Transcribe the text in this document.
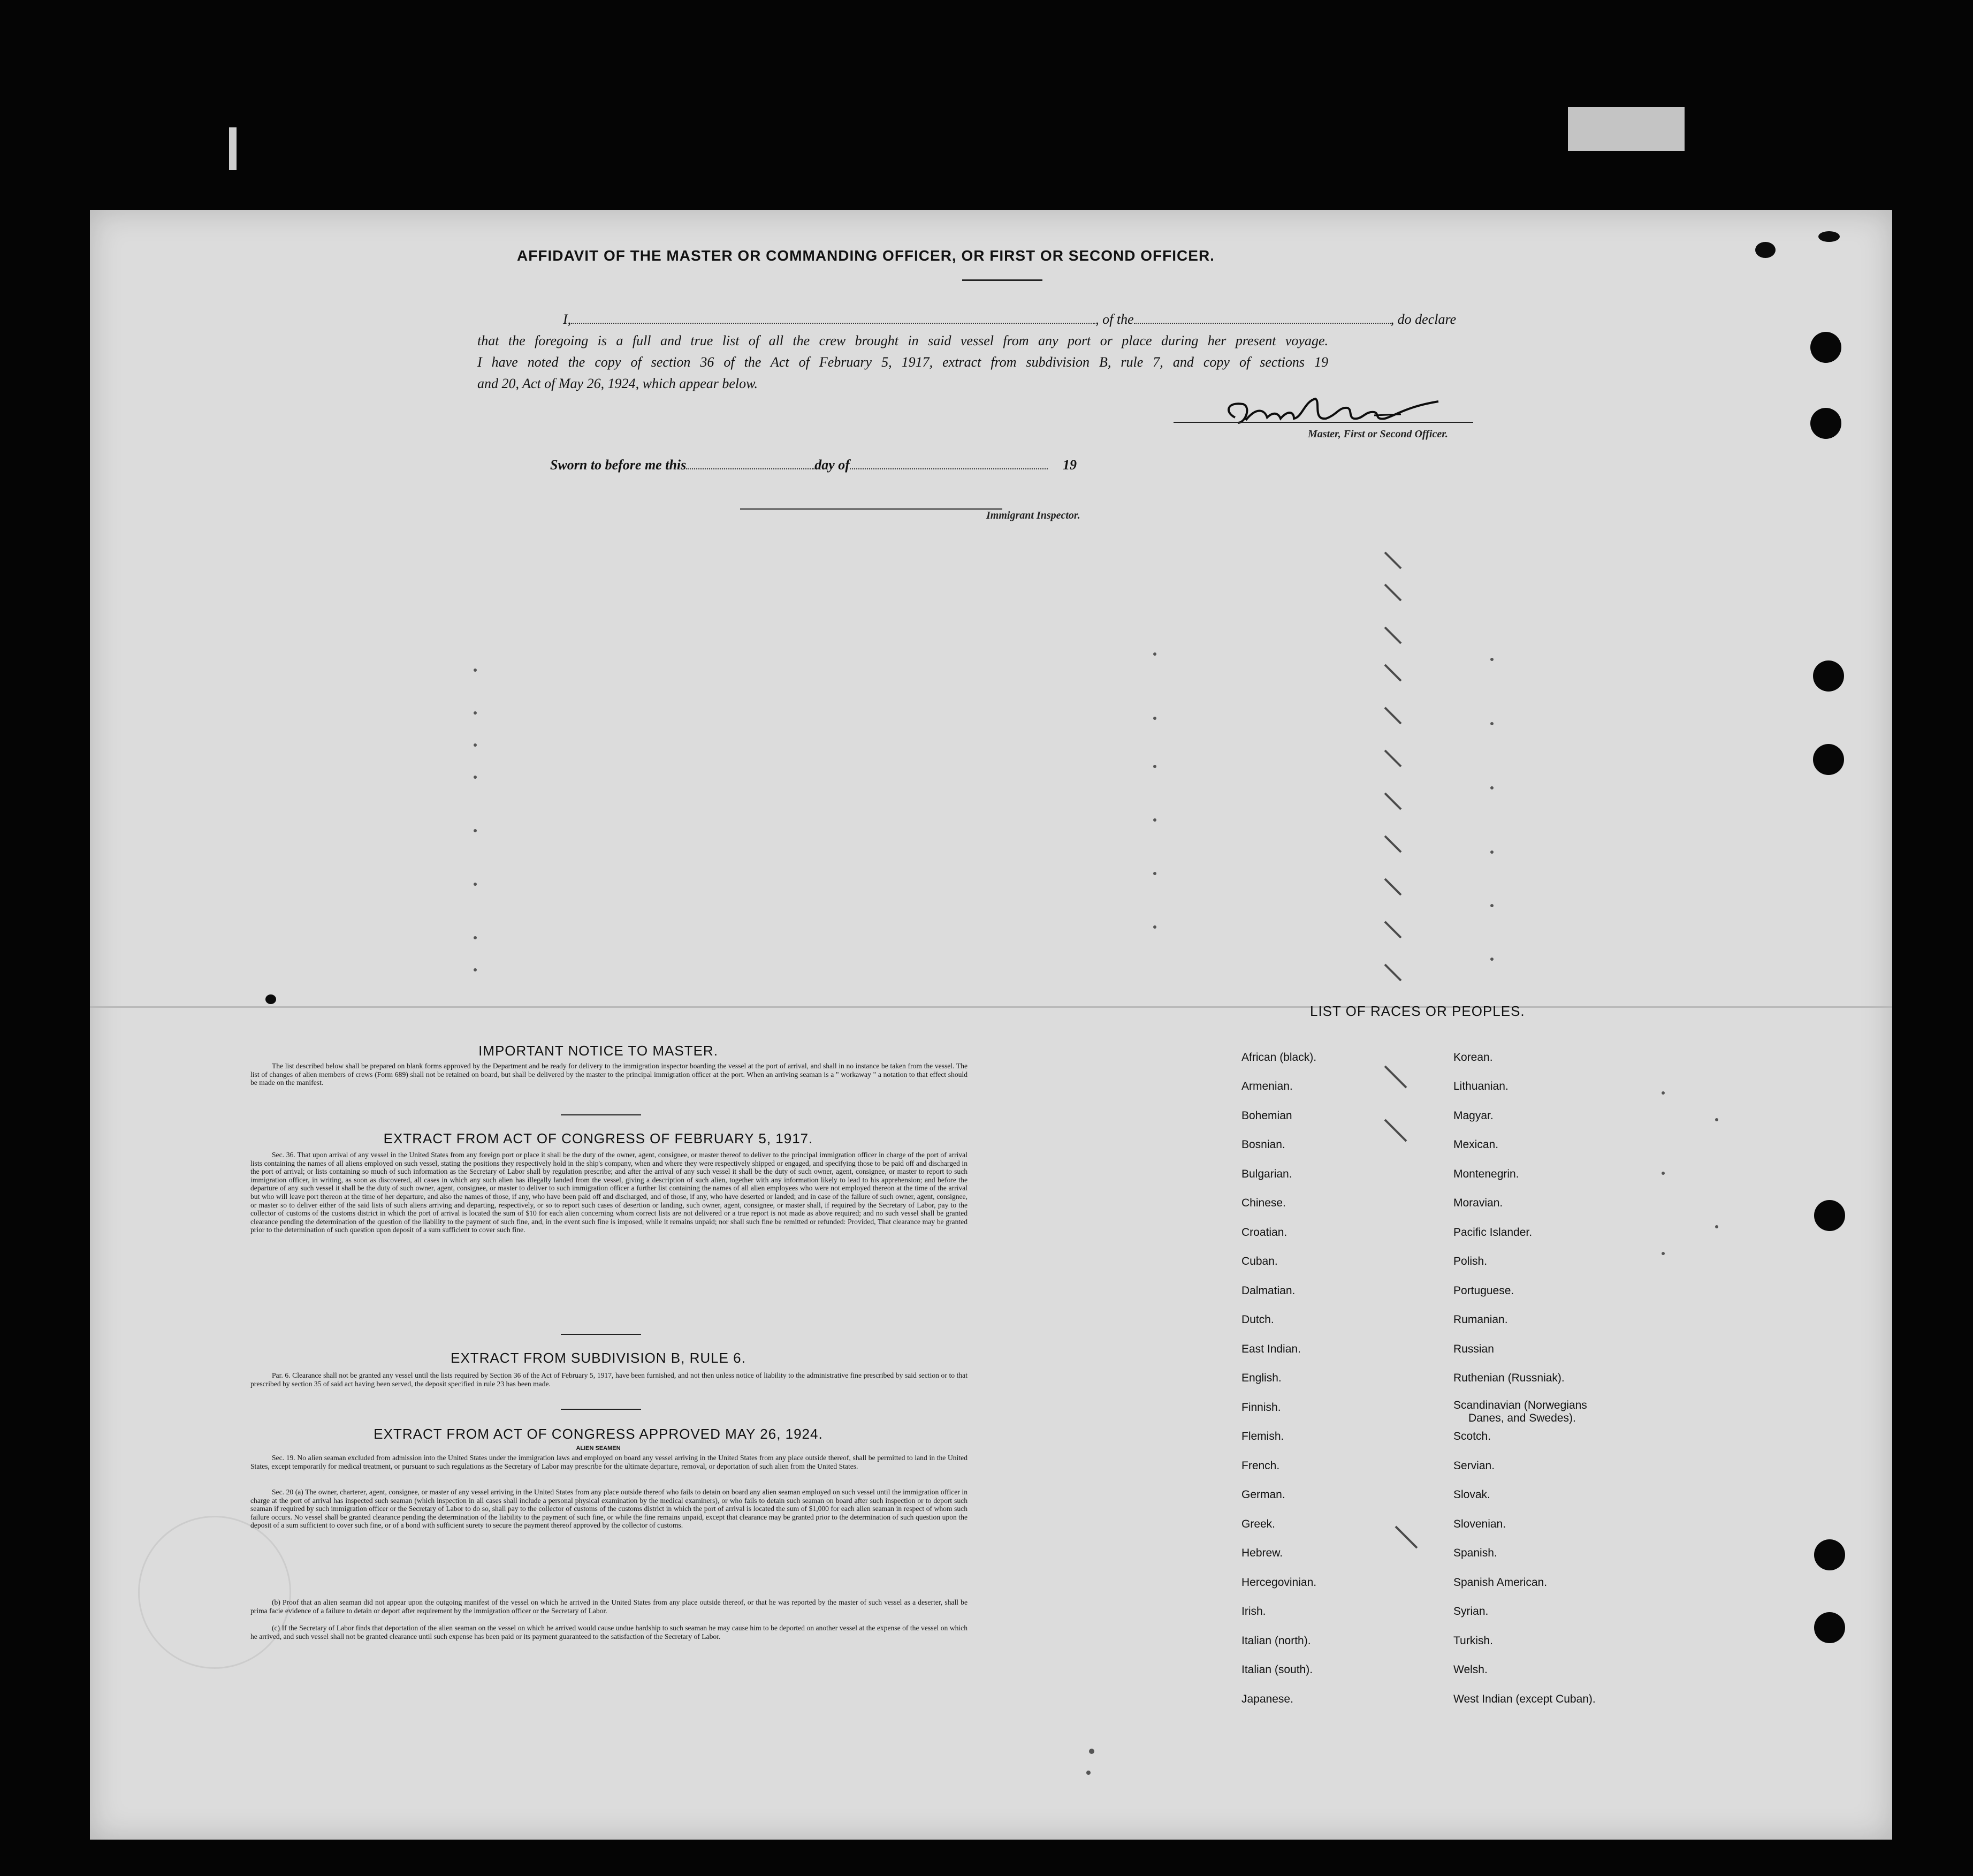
AFFIDAVIT OF THE MASTER OR COMMANDING OFFICER, OR FIRST OR SECOND OFFICER.
I,	, of the	, do declare
that the foregoing is a full and true list of all the crew brought in said vessel from any port or place during her present voyage.
I have noted the copy of section 36 of the Act of February 5, 1917, extract from subdivision B, rule 7, and copy of sections 19
and 20, Act of May 26, 1924, which appear below.
Master, First or Second Officer.
Sworn to before me this	day of	19
Immigrant Inspector.
IMPORTANT NOTICE TO MASTER.

The list described below shall be prepared on blank forms approved by the Department and be ready for delivery to the immigration inspector boarding the vessel at the port of arrival, and shall in no instance be taken from the vessel. The list of changes of alien members of crews (Form 689) shall not be retained on board, but shall be delivered by the master to the principal immigration officer at the port. When an arriving seaman is a " workaway " a notation to that effect should be made on the manifest.

EXTRACT FROM ACT OF CONGRESS OF FEBRUARY 5, 1917.

Sec. 36. That upon arrival of any vessel in the United States from any foreign port or place it shall be the duty of the owner, agent, consignee, or master thereof to deliver to the principal immigration officer in charge of the port of arrival lists containing the names of all aliens employed on such vessel, stating the positions they respectively hold in the ship's company, when and where they were respectively shipped or engaged, and specifying those to be paid off and discharged in the port of arrival; or lists containing so much of such information as the Secretary of Labor shall by regulation prescribe; and after the arrival of any such vessel it shall be the duty of such owner, agent, consignee, or master to report to such immigration officer, in writing, as soon as discovered, all cases in which any such alien has illegally landed from the vessel, giving a description of such alien, together with any information likely to lead to his apprehension; and before the departure of any such vessel it shall be the duty of such owner, agent, consignee, or master to deliver to such immigration officer a further list containing the names of all alien employees who were not employed thereon at the time of the arrival but who will leave port thereon at the time of her departure, and also the names of those, if any, who have been paid off and discharged, and of those, if any, who have deserted or landed; and in case of the failure of such owner, agent, consignee, or master so to deliver either of the said lists of such aliens arriving and departing, respectively, or so to report such cases of desertion or landing, such owner, agent, consignee, or master shall, if required by the Secretary of Labor, pay to the collector of customs of the customs district in which the port of arrival is located the sum of $10 for each alien concerning whom correct lists are not delivered or a true report is not made as above required; and no such vessel shall be granted clearance pending the determination of the question of the liability to the payment of such fine, and, in the event such fine is imposed, while it remains unpaid; nor shall such fine be remitted or refunded: Provided, That clearance may be granted prior to the determination of such question upon deposit of a sum sufficient to cover such fine.

EXTRACT FROM SUBDIVISION B, RULE 6.

Par. 6. Clearance shall not be granted any vessel until the lists required by Section 36 of the Act of February 5, 1917, have been furnished, and not then unless notice of liability to the administrative fine prescribed by said section or to that prescribed by section 35 of said act having been served, the deposit specified in rule 23 has been made.

EXTRACT FROM ACT OF CONGRESS APPROVED MAY 26, 1924.
ALIEN SEAMEN

Sec. 19. No alien seaman excluded from admission into the United States under the immigration laws and employed on board any vessel arriving in the United States from any place outside thereof, shall be permitted to land in the United States, except temporarily for medical treatment, or pursuant to such regulations as the Secretary of Labor may prescribe for the ultimate departure, removal, or deportation of such alien from the United States.

Sec. 20 (a) The owner, charterer, agent, consignee, or master of any vessel arriving in the United States from any place outside thereof who fails to detain on board any alien seaman employed on such vessel until the immigration officer in charge at the port of arrival has inspected such seaman (which inspection in all cases shall include a personal physical examination by the medical examiners), or who fails to detain such seaman on board after such inspection or to deport such seaman if required by such immigration officer or the Secretary of Labor to do so, shall pay to the collector of customs of the customs district in which the port of arrival is located the sum of $1,000 for each alien seaman in respect of whom such failure occurs. No vessel shall be granted clearance pending the determination of the liability to the payment of such fine, or while the fine remains unpaid, except that clearance may be granted prior to the determination of such question upon the deposit of a sum sufficient to cover such fine, or of a bond with sufficient surety to secure the payment thereof approved by the collector of customs.

(b) Proof that an alien seaman did not appear upon the outgoing manifest of the vessel on which he arrived in the United States from any place outside thereof, or that he was reported by the master of such vessel as a deserter, shall be prima facie evidence of a failure to detain or deport after requirement by the immigration officer or the Secretary of Labor.

(c) If the Secretary of Labor finds that deportation of the alien seaman on the vessel on which he arrived would cause undue hardship to such seaman he may cause him to be deported on another vessel at the expense of the vessel on which he arrived, and such vessel shall not be granted clearance until such expense has been paid or its payment guaranteed to the satisfaction of the Secretary of Labor.

LIST OF RACES OR PEOPLES.
African (black).
Armenian.
Bohemian
Bosnian.
Bulgarian.
Chinese.
Croatian.
Cuban.
Dalmatian.
Dutch.
East Indian.
English.
Finnish.
Flemish.
French.
German.
Greek.
Hebrew.
Hercegovinian.
Irish.
Italian (north).
Italian (south).
Japanese.
Korean.
Lithuanian.
Magyar.
Mexican.
Montenegrin.
Moravian.
Pacific Islander.
Polish.
Portuguese.
Rumanian.
Russian
Ruthenian (Russniak).
Scandinavian (Norwegians
Danes, and Swedes).
Scotch.
Servian.
Slovak.
Slovenian.
Spanish.
Spanish American.
Syrian.
Turkish.
Welsh.
West Indian (except Cuban).
